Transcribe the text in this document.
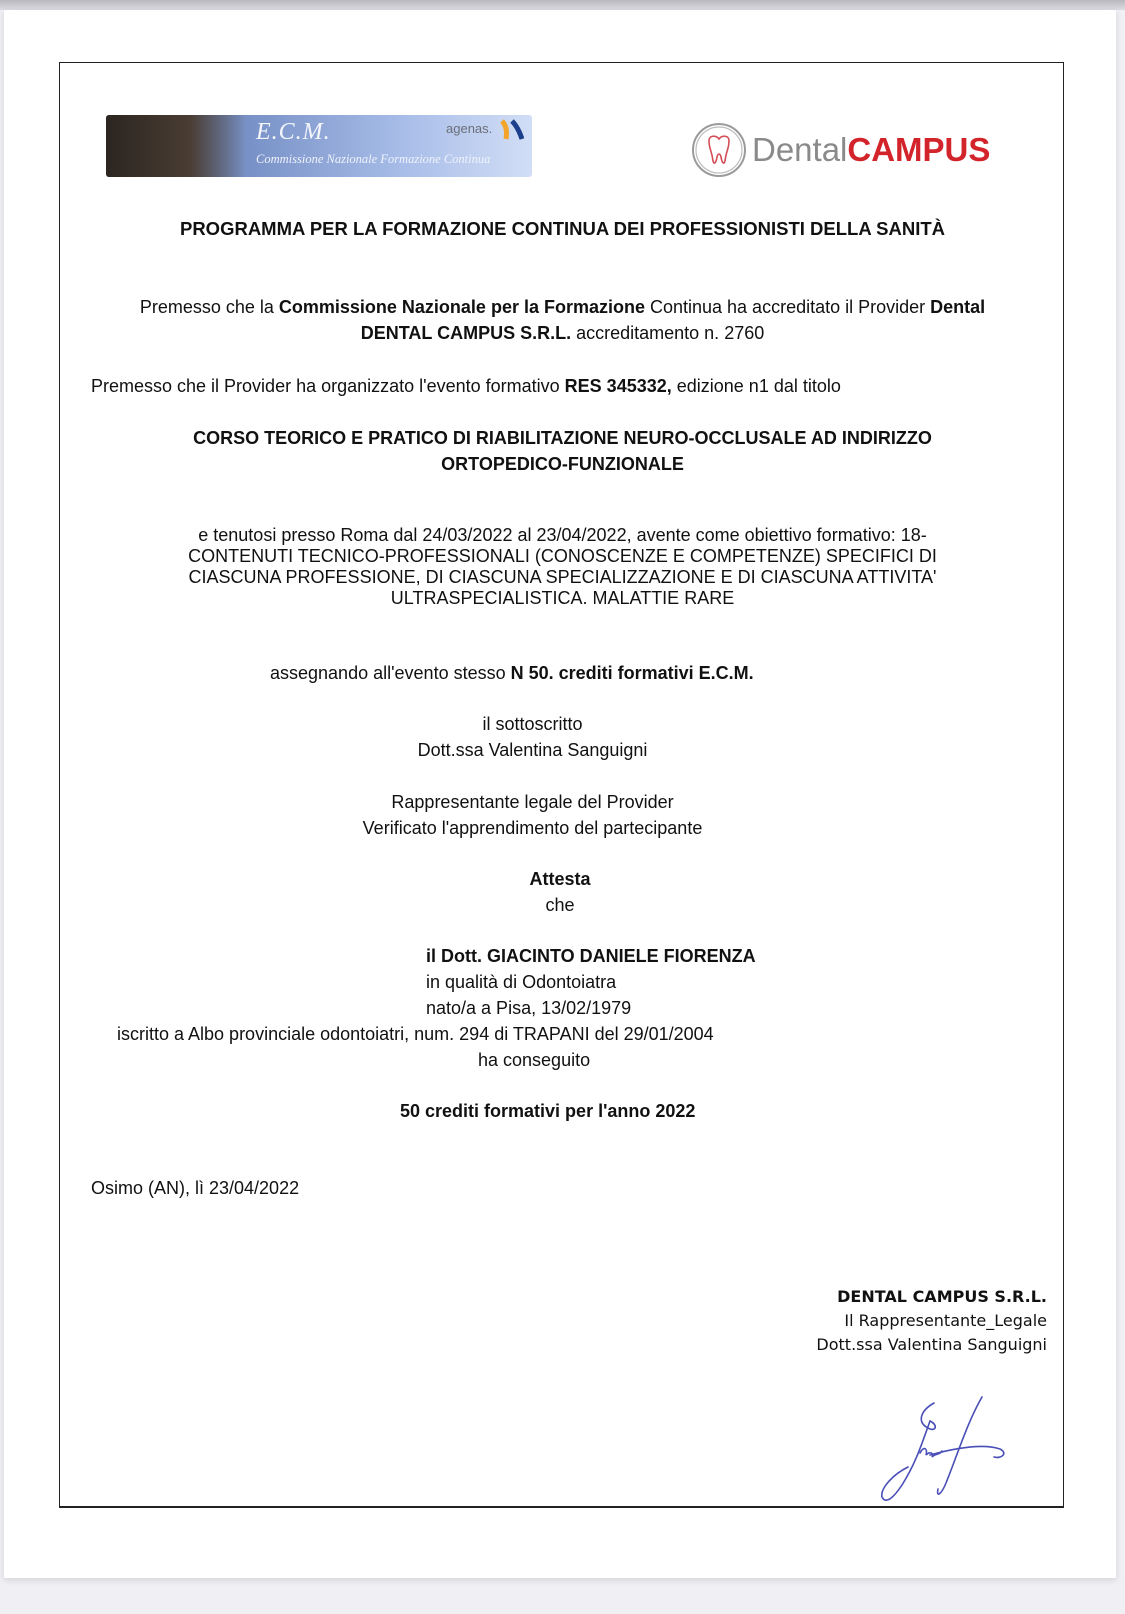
E.C.M.
Commissione Nazionale Formazione Continua
agenas.
DentalCAMPUS
PROGRAMMA PER LA FORMAZIONE CONTINUA DEI PROFESSIONISTI DELLA SANITÀ
Premesso che la Commissione Nazionale per la Formazione Continua ha accreditato il Provider Dental
DENTAL CAMPUS S.R.L. accreditamento n. 2760
Premesso che il Provider ha organizzato l'evento formativo RES 345332, edizione n1 dal titolo
CORSO TEORICO E PRATICO DI RIABILITAZIONE NEURO-OCCLUSALE AD INDIRIZZO
ORTOPEDICO-FUNZIONALE
e tenutosi presso Roma dal 24/03/2022 al 23/04/2022, avente come obiettivo formativo: 18-
CONTENUTI TECNICO-PROFESSIONALI (CONOSCENZE E COMPETENZE) SPECIFICI DI
CIASCUNA PROFESSIONE, DI CIASCUNA SPECIALIZZAZIONE E DI CIASCUNA ATTIVITA'
ULTRASPECIALISTICA. MALATTIE RARE
assegnando all'evento stesso N 50. crediti formativi E.C.M.
il sottoscritto
Dott.ssa Valentina Sanguigni
Rappresentante legale del Provider
Verificato l'apprendimento del partecipante
Attesta
che
il Dott. GIACINTO DANIELE FIORENZA
in qualità di Odontoiatra
nato/a a Pisa, 13/02/1979
iscritto a Albo provinciale odontoiatri, num. 294 di TRAPANI del 29/01/2004
ha conseguito
50 crediti formativi per l'anno 2022
Osimo (AN), lì 23/04/2022
DENTAL CAMPUS S.R.L.
Il Rappresentante_Legale
Dott.ssa Valentina Sanguigni
